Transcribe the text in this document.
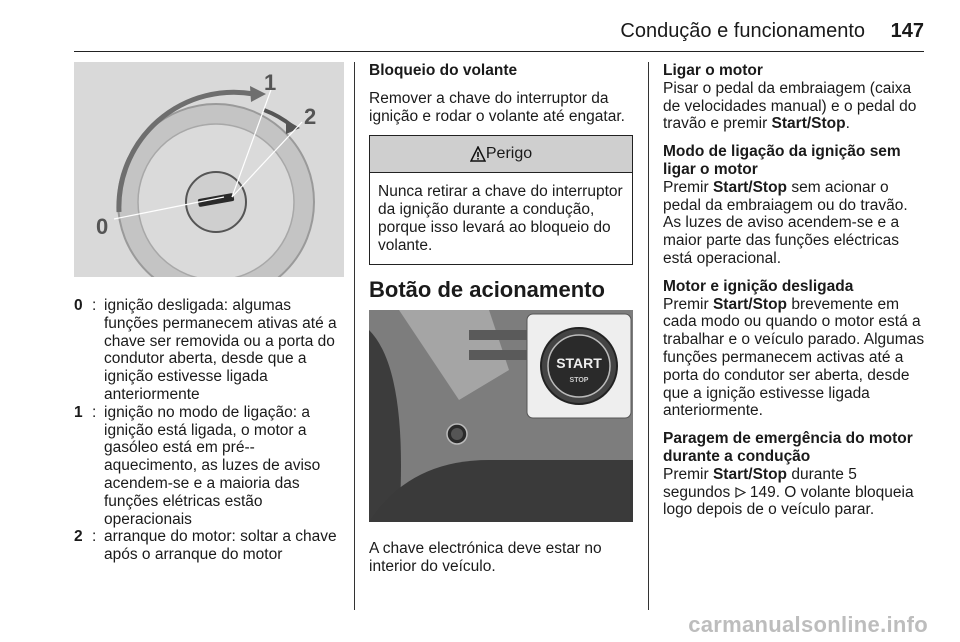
Condução e funcionamento 147
1
2
0
0 : ignição desligada: algumas funções permanecem ativas até a chave ser removida ou a porta do condutor aberta, desde que a ignição estivesse ligada anteriormente
1 : ignição no modo de ligação: a ignição está ligada, o motor a gasóleo está em pré--aquecimento, as luzes de aviso acendem-se e a maioria das funções elétricas estão operacionais
2 : arranque do motor: soltar a chave após o arranque do motor
Bloqueio do volante
Remover a chave do interruptor da ignição e rodar o volante até engatar.
Perigo
Nunca retirar a chave do interruptor da ignição durante a condução, porque isso levará ao bloqueio do volante.
Botão de acionamento
START
STOP
A chave electrónica deve estar no interior do veículo.
Ligar o motor
Pisar o pedal da embraiagem (caixa de velocidades manual) e o pedal do travão e premir Start/Stop.
Modo de ligação da ignição sem ligar o motor
Premir Start/Stop sem acionar o pedal da embraiagem ou do travão. As luzes de aviso acendem-se e a maior parte das funções eléctricas está operacional.
Motor e ignição desligada
Premir Start/Stop brevemente em cada modo ou quando o motor está a trabalhar e o veículo parado. Algumas funções permanecem activas até a porta do condutor ser aberta, desde que a ignição estivesse ligada anteriormente.
Paragem de emergência do motor durante a condução
Premir Start/Stop durante 5 segundos  149. O volante bloqueia logo depois de o veículo parar.
carmanualsonline.info
